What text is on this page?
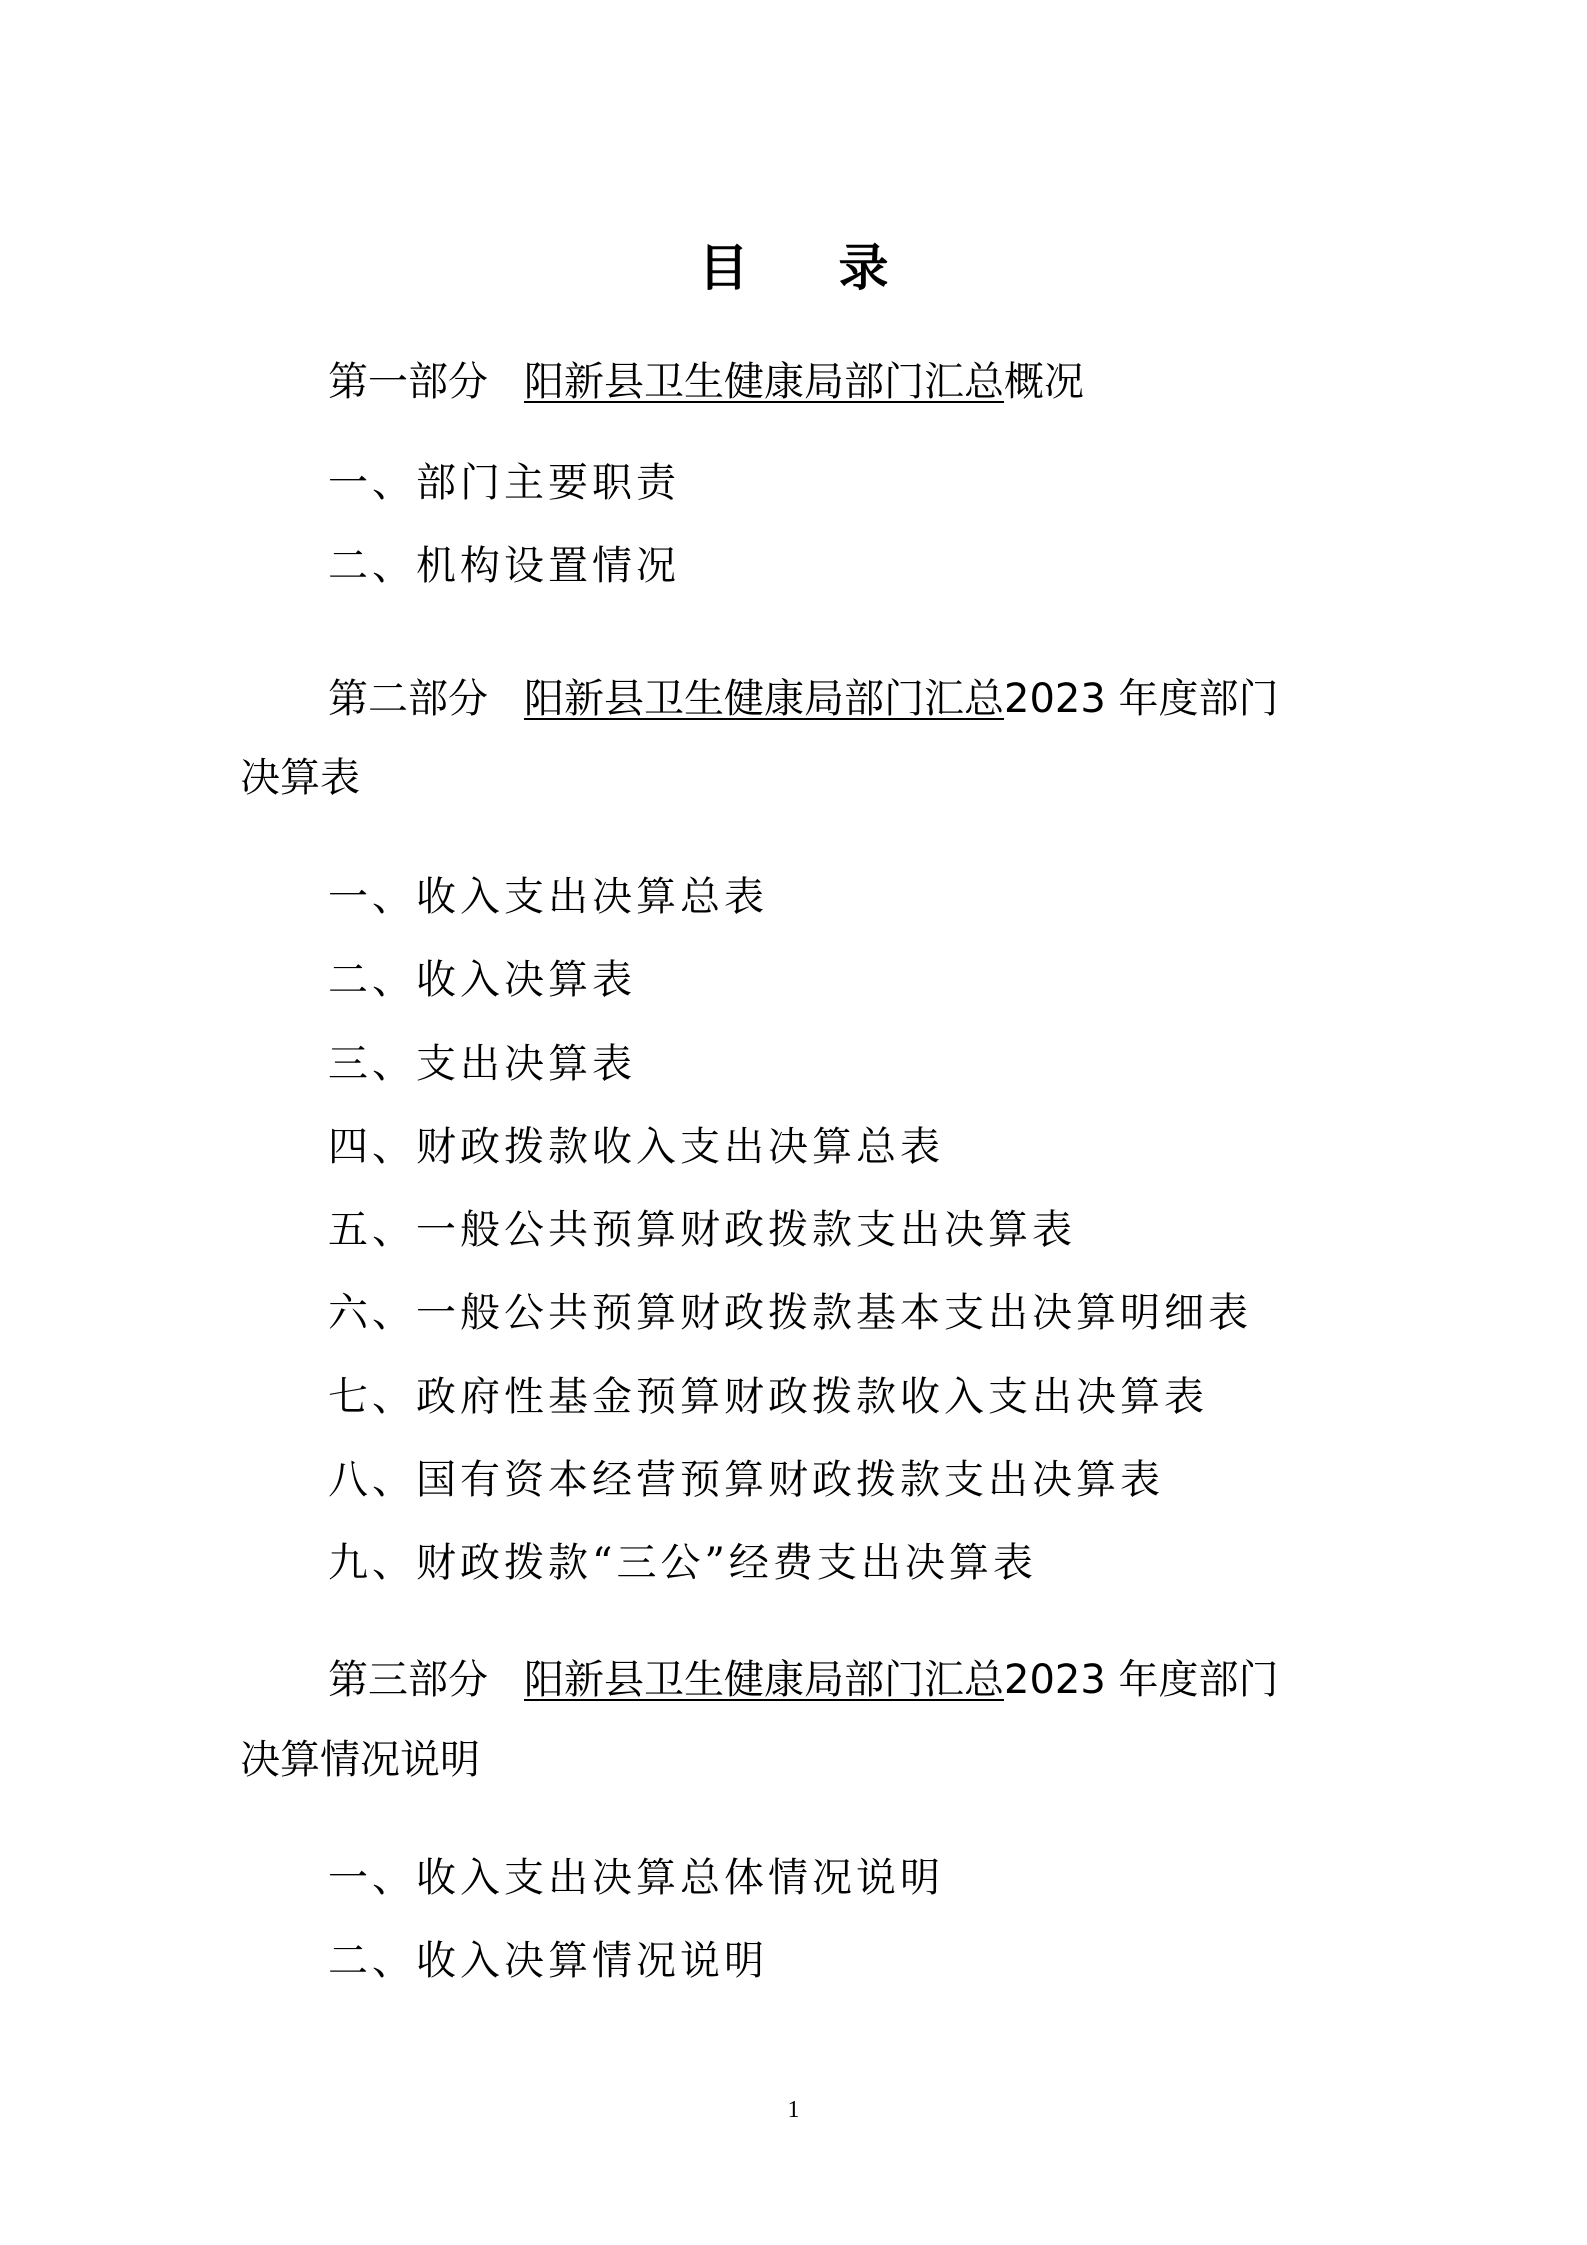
目 录
第一部分 阳新县卫生健康局部门汇总概况
一、部门主要职责
二、机构设置情况
第二部分 阳新县卫生健康局部门汇总2023 年度部门
决算表
一、收入支出决算总表
二、收入决算表
三、支出决算表
四、财政拨款收入支出决算总表
五、一般公共预算财政拨款支出决算表
六、一般公共预算财政拨款基本支出决算明细表
七、政府性基金预算财政拨款收入支出决算表
八、国有资本经营预算财政拨款支出决算表
九、财政拨款“三公”经费支出决算表
第三部分 阳新县卫生健康局部门汇总2023 年度部门
决算情况说明
一、收入支出决算总体情况说明
二、收入决算情况说明
1
